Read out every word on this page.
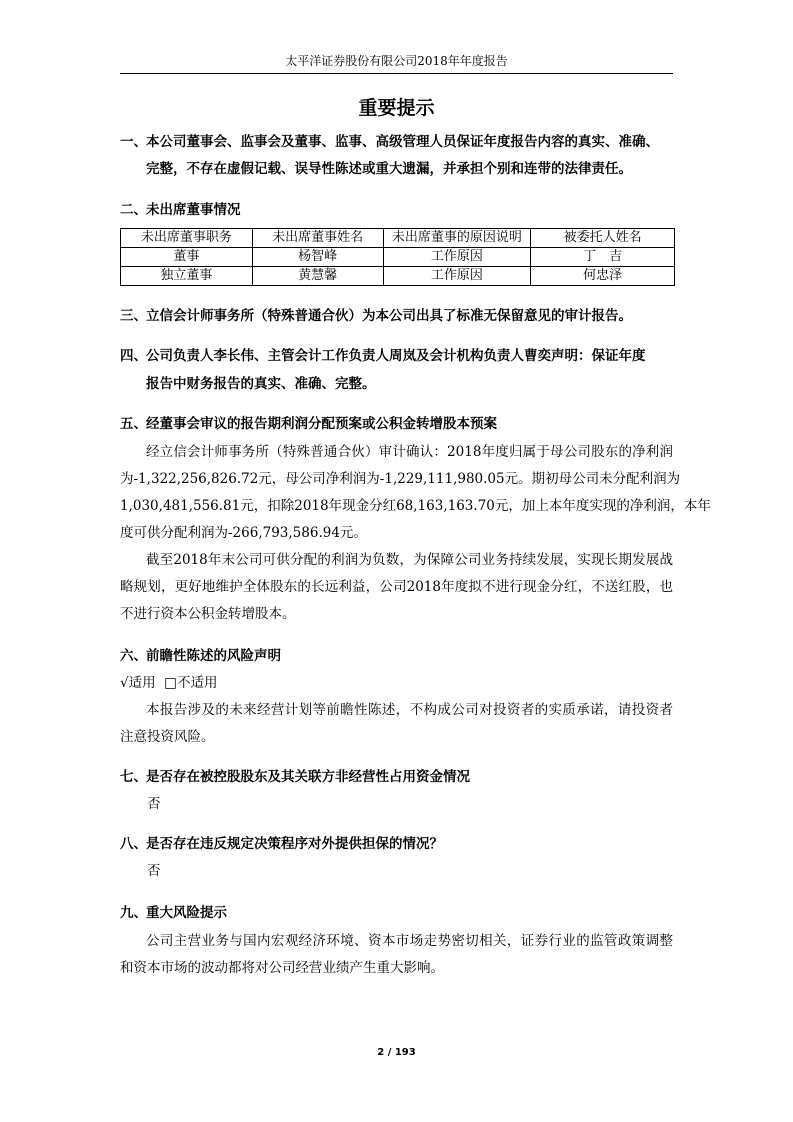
太平洋证券股份有限公司2018年年度报告
重要提示
一、本公司董事会、监事会及董事、监事、高级管理人员保证年度报告内容的真实、准确、
完整，不存在虚假记载、误导性陈述或重大遗漏，并承担个别和连带的法律责任。
二、未出席董事情况
未出席董事职务	未出席董事姓名	未出席董事的原因说明	被委托人姓名
董事	杨智峰	工作原因	丁　吉
独立董事	黄慧馨	工作原因	何忠泽
三、立信会计师事务所（特殊普通合伙）为本公司出具了标准无保留意见的审计报告。
四、公司负责人李长伟、主管会计工作负责人周岚及会计机构负责人曹奕声明：保证年度
报告中财务报告的真实、准确、完整。
五、经董事会审议的报告期利润分配预案或公积金转增股本预案
经立信会计师事务所（特殊普通合伙）审计确认：2018年度归属于母公司股东的净利润
为-1,322,256,826.72元，母公司净利润为-1,229,111,980.05元。期初母公司未分配利润为
1,030,481,556.81元，扣除2018年现金分红68,163,163.70元，加上本年度实现的净利润，本年
度可供分配利润为-266,793,586.94元。
截至2018年末公司可供分配的利润为负数，为保障公司业务持续发展，实现长期发展战
略规划，更好地维护全体股东的长远利益，公司2018年度拟不进行现金分红，不送红股，也
不进行资本公积金转增股本。
六、前瞻性陈述的风险声明
√适用  □不适用
本报告涉及的未来经营计划等前瞻性陈述，不构成公司对投资者的实质承诺，请投资者
注意投资风险。
七、是否存在被控股股东及其关联方非经营性占用资金情况
否
八、是否存在违反规定决策程序对外提供担保的情况？
否
九、重大风险提示
公司主营业务与国内宏观经济环境、资本市场走势密切相关，证券行业的监管政策调整
和资本市场的波动都将对公司经营业绩产生重大影响。
2 / 193
